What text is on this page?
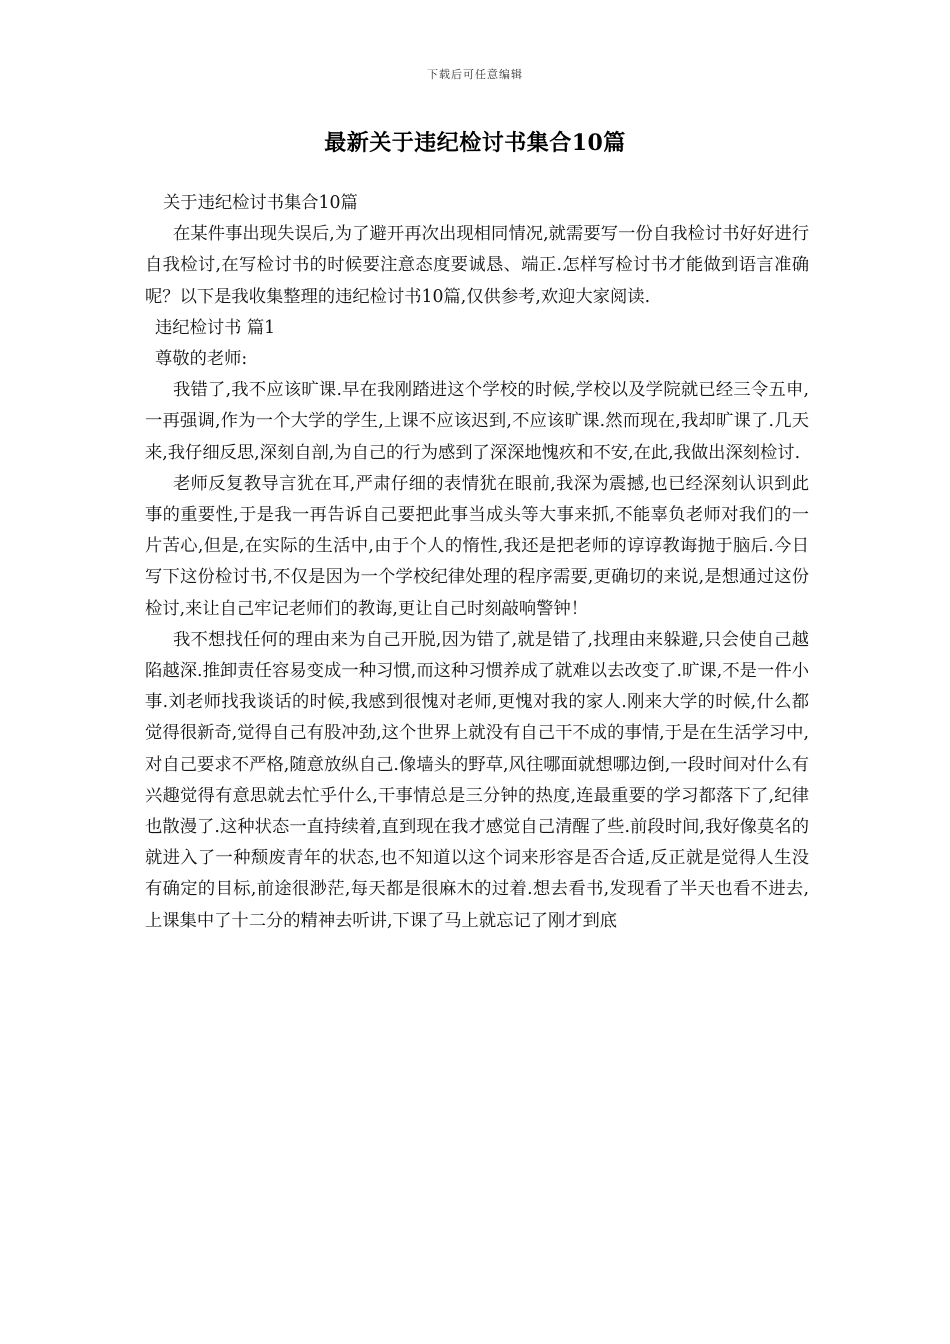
下载后可任意编辑
最新关于违纪检讨书集合10篇

关于违纪检讨书集合10篇

在某件事出现失误后,为了避开再次出现相同情况,就需要写一份自我检讨书好好进行自我检讨,在写检讨书的时候要注意态度要诚恳、端正.怎样写检讨书才能做到语言准确呢？以下是我收集整理的违纪检讨书10篇,仅供参考,欢迎大家阅读.

违纪检讨书 篇1

尊敬的老师:

我错了,我不应该旷课.早在我刚踏进这个学校的时候,学校以及学院就已经三令五申,一再强调,作为一个大学的学生,上课不应该迟到,不应该旷课.然而现在,我却旷课了.几天来,我仔细反思,深刻自剖,为自己的行为感到了深深地愧疚和不安,在此,我做出深刻检讨.

老师反复教导言犹在耳,严肃仔细的表情犹在眼前,我深为震撼,也已经深刻认识到此事的重要性,于是我一再告诉自己要把此事当成头等大事来抓,不能辜负老师对我们的一片苦心,但是,在实际的生活中,由于个人的惰性,我还是把老师的谆谆教诲抛于脑后.今日写下这份检讨书,不仅是因为一个学校纪律处理的程序需要,更确切的来说,是想通过这份检讨,来让自己牢记老师们的教诲,更让自己时刻敲响警钟！

我不想找任何的理由来为自己开脱,因为错了,就是错了,找理由来躲避,只会使自己越陷越深.推卸责任容易变成一种习惯,而这种习惯养成了就难以去改变了.旷课,不是一件小事.刘老师找我谈话的时候,我感到很愧对老师,更愧对我的家人.刚来大学的时候,什么都觉得很新奇,觉得自己有股冲劲,这个世界上就没有自己干不成的事情,于是在生活学习中,对自己要求不严格,随意放纵自己.像墙头的野草,风往哪面就想哪边倒,一段时间对什么有兴趣觉得有意思就去忙乎什么,干事情总是三分钟的热度,连最重要的学习都落下了,纪律也散漫了.这种状态一直持续着,直到现在我才感觉自己清醒了些.前段时间,我好像莫名的就进入了一种颓废青年的状态,也不知道以这个词来形容是否合适,反正就是觉得人生没有确定的目标,前途很渺茫,每天都是很麻木的过着.想去看书,发现看了半天也看不进去,上课集中了十二分的精神去听讲,下课了马上就忘记了刚才到底
